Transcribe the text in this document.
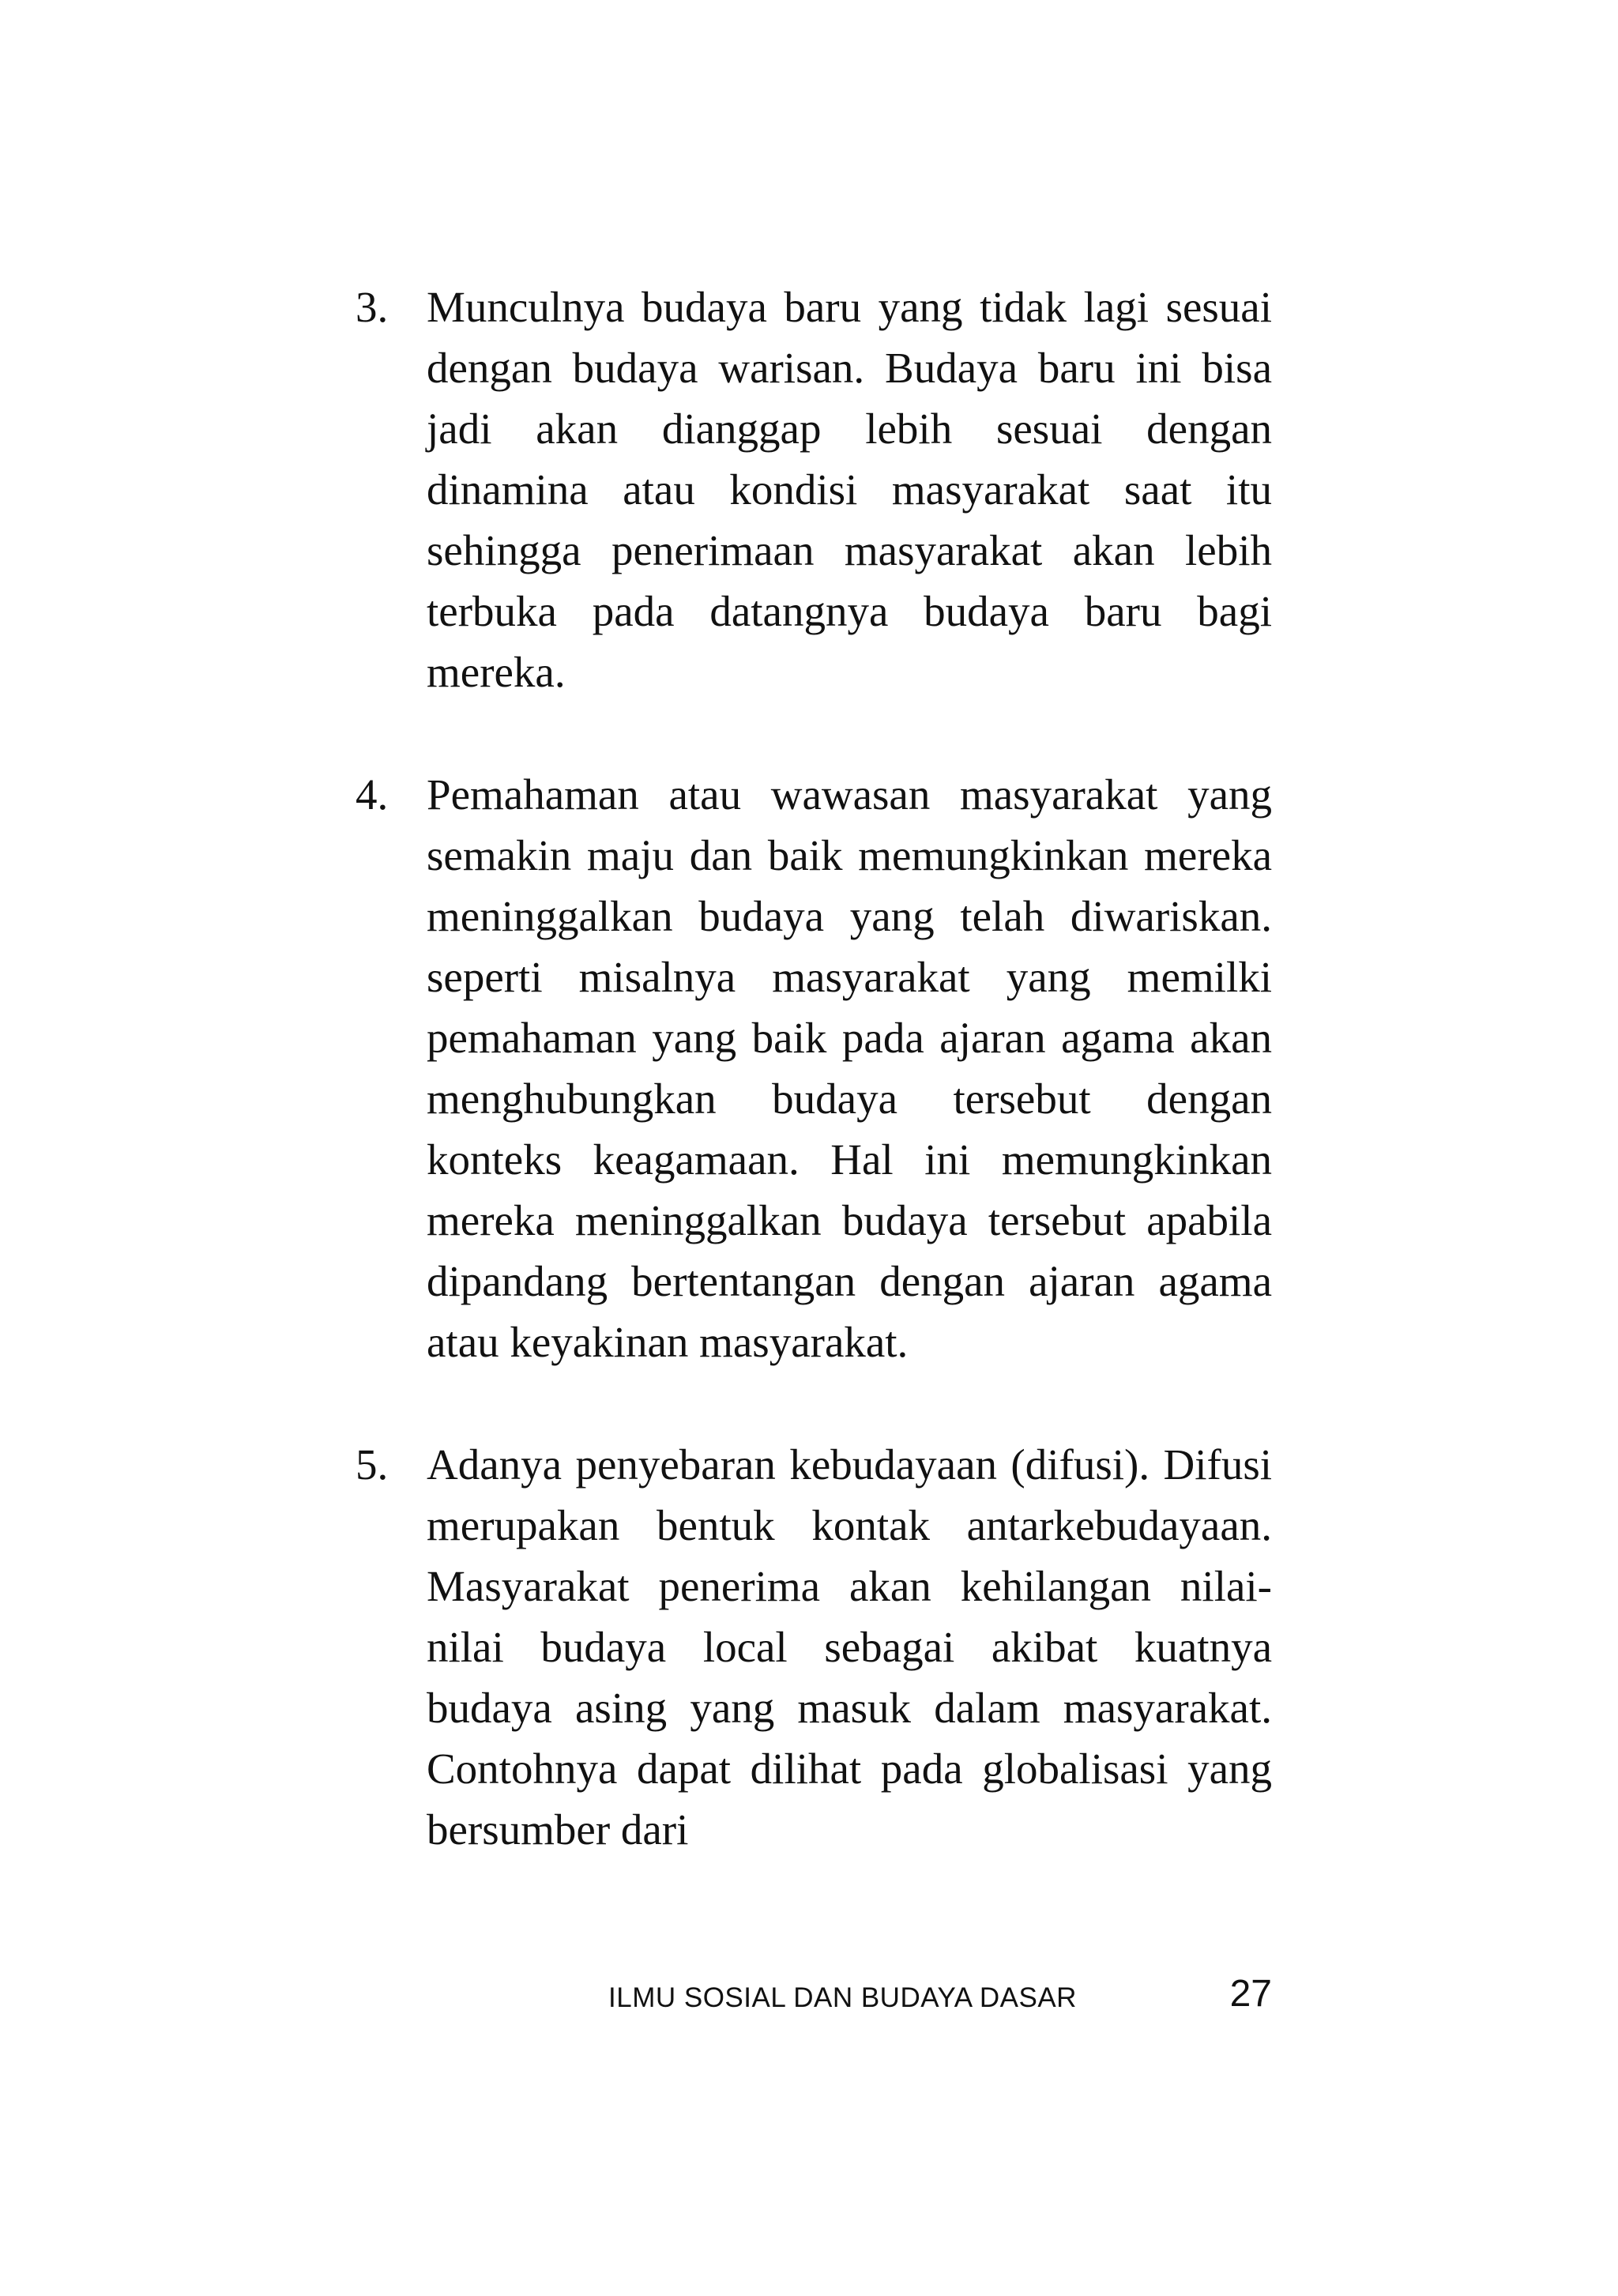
3. Munculnya budaya baru yang tidak lagi sesuai dengan budaya warisan. Budaya baru ini bisa jadi akan dianggap lebih sesuai dengan dinamina atau kondisi masyarakat saat itu sehingga penerimaan masyarakat akan lebih terbuka pada datangnya budaya baru bagi mereka.

4. Pemahaman atau wawasan masyarakat yang semakin maju dan baik memungkinkan mereka meninggalkan budaya yang telah diwariskan. seperti misalnya masyarakat yang memilki pemahaman yang baik pada ajaran agama akan menghubungkan budaya tersebut dengan konteks keagamaan. Hal ini memungkinkan mereka meninggalkan budaya tersebut apabila dipandang bertentangan dengan ajaran agama atau keyakinan masyarakat.

5. Adanya penyebaran kebudayaan (difusi). Difusi merupakan bentuk kontak antarkebudayaan. Masyarakat penerima akan kehilangan nilai-nilai budaya local sebagai akibat kuatnya budaya asing yang masuk dalam masyarakat. Contohnya dapat dilihat pada globalisasi yang bersumber dari

ILMU SOSIAL DAN BUDAYA DASAR	27
